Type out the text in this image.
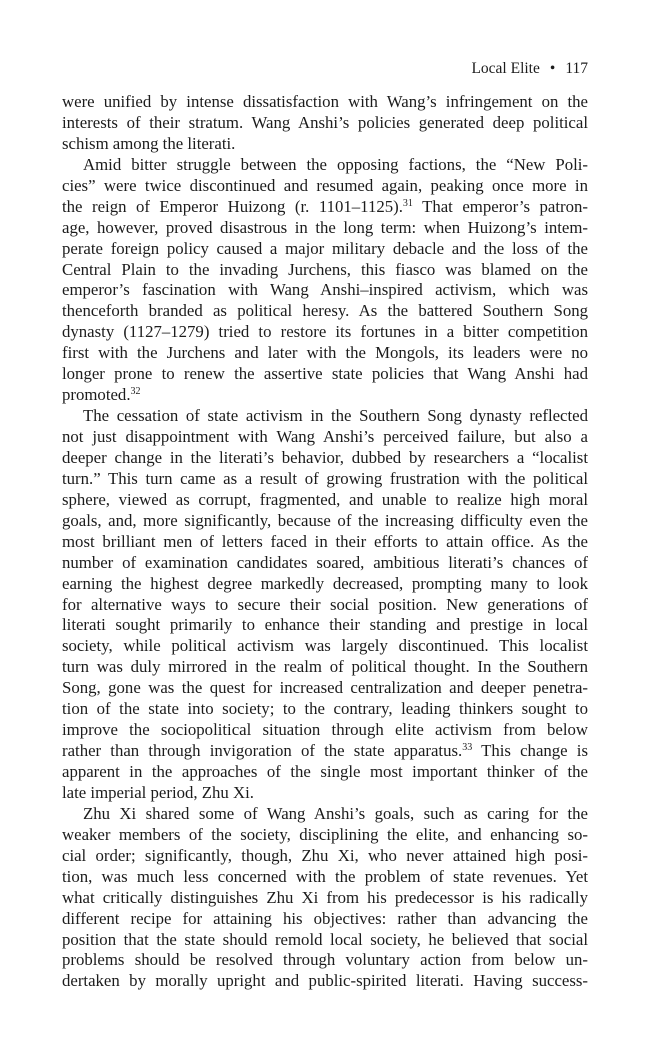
Local Elite • 117
were unified by intense dissatisfaction with Wang’s infringement on the
interests of their stratum. Wang Anshi’s policies generated deep political
schism among the literati.
Amid bitter struggle between the opposing factions, the “New Poli-
cies” were twice discontinued and resumed again, peaking once more in
the reign of Emperor Huizong (r. 1101–1125).$^{31}$ That emperor’s patron-
age, however, proved disastrous in the long term: when Huizong’s intem-
perate foreign policy caused a major military debacle and the loss of the
Central Plain to the invading Jurchens, this fiasco was blamed on the
emperor’s fascination with Wang Anshi–inspired activism, which was
thenceforth branded as political heresy. As the battered Southern Song
dynasty (1127–1279) tried to restore its fortunes in a bitter competition
first with the Jurchens and later with the Mongols, its leaders were no
longer prone to renew the assertive state policies that Wang Anshi had
promoted.$^{32}$
The cessation of state activism in the Southern Song dynasty reflected
not just disappointment with Wang Anshi’s perceived failure, but also a
deeper change in the literati’s behavior, dubbed by researchers a “localist
turn.” This turn came as a result of growing frustration with the political
sphere, viewed as corrupt, fragmented, and unable to realize high moral
goals, and, more significantly, because of the increasing difficulty even the
most brilliant men of letters faced in their efforts to attain office. As the
number of examination candidates soared, ambitious literati’s chances of
earning the highest degree markedly decreased, prompting many to look
for alternative ways to secure their social position. New generations of
literati sought primarily to enhance their standing and prestige in local
society, while political activism was largely discontinued. This localist
turn was duly mirrored in the realm of political thought. In the Southern
Song, gone was the quest for increased centralization and deeper penetra-
tion of the state into society; to the contrary, leading thinkers sought to
improve the sociopolitical situation through elite activism from below
rather than through invigoration of the state apparatus.$^{33}$ This change is
apparent in the approaches of the single most important thinker of the
late imperial period, Zhu Xi.
Zhu Xi shared some of Wang Anshi’s goals, such as caring for the
weaker members of the society, disciplining the elite, and enhancing so-
cial order; significantly, though, Zhu Xi, who never attained high posi-
tion, was much less concerned with the problem of state revenues. Yet
what critically distinguishes Zhu Xi from his predecessor is his radically
different recipe for attaining his objectives: rather than advancing the
position that the state should remold local society, he believed that social
problems should be resolved through voluntary action from below un-
dertaken by morally upright and public-spirited literati. Having success-
